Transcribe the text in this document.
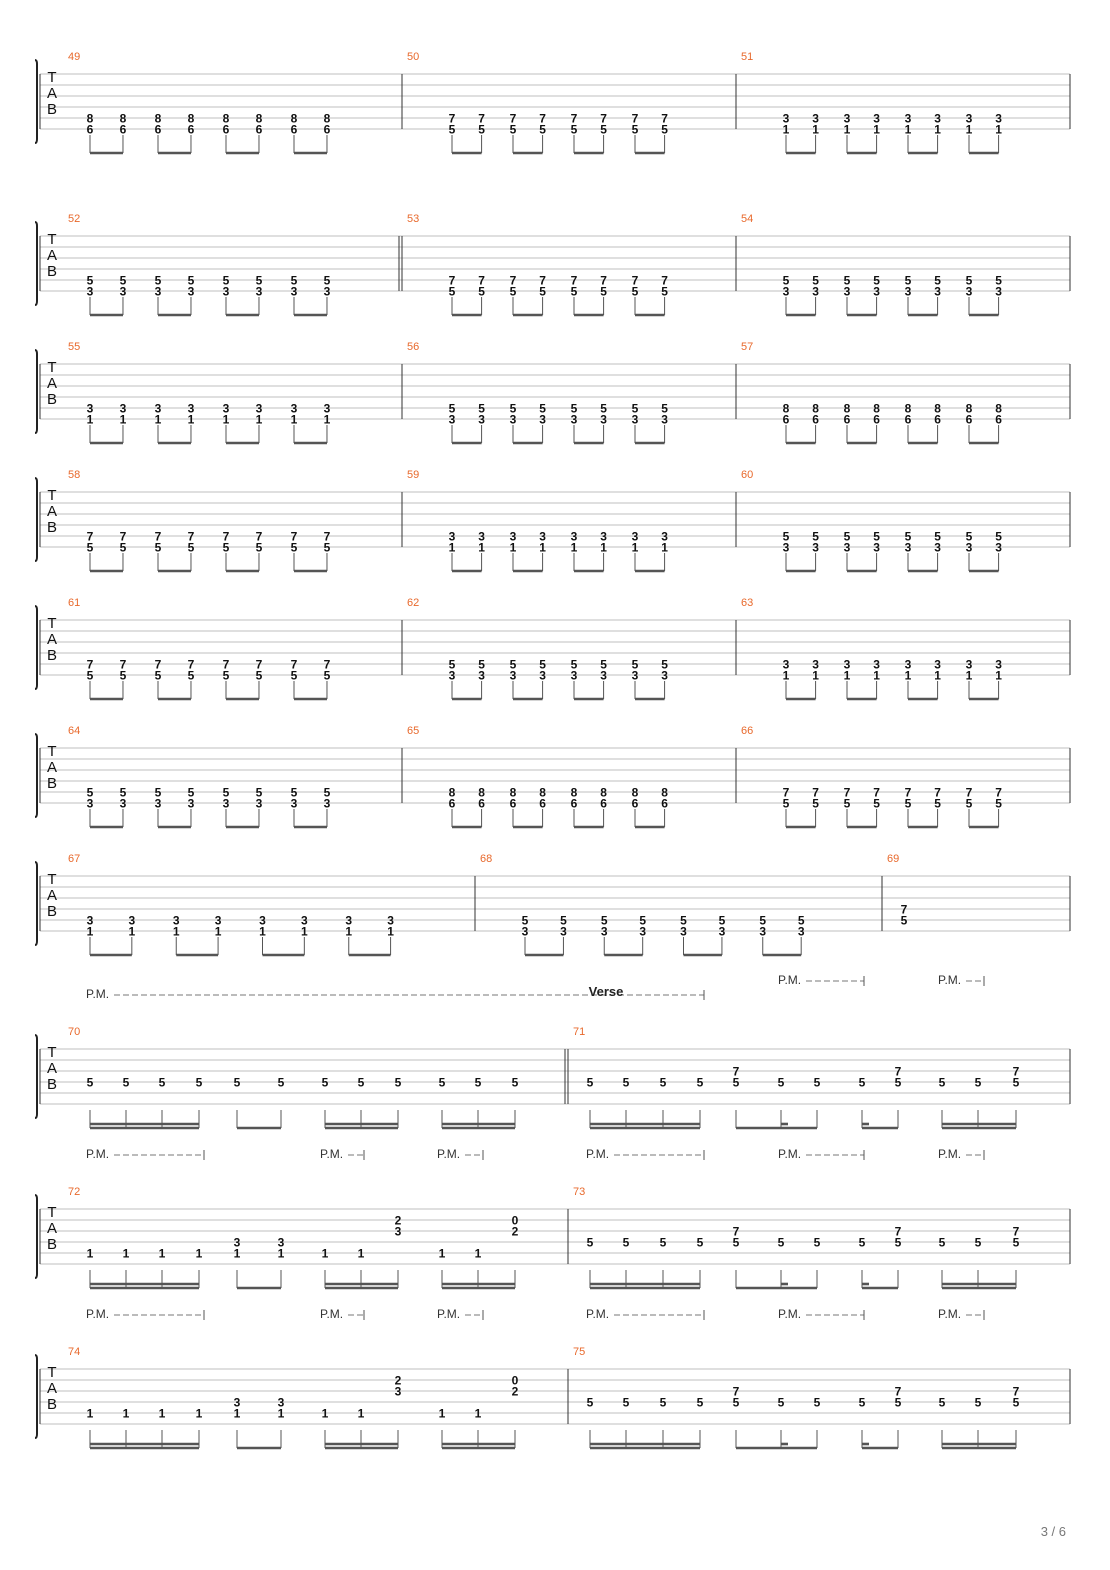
T
A
B
49
8
6
8
6
8
6
8
6
8
6
8
6
8
6
8
6
50
7
5
7
5
7
5
7
5
7
5
7
5
7
5
7
5
51
3
1
3
1
3
1
3
1
3
1
3
1
3
1
3
1
T
A
B
52
5
3
5
3
5
3
5
3
5
3
5
3
5
3
5
3
53
7
5
7
5
7
5
7
5
7
5
7
5
7
5
7
5
54
5
3
5
3
5
3
5
3
5
3
5
3
5
3
5
3
T
A
B
55
3
1
3
1
3
1
3
1
3
1
3
1
3
1
3
1
56
5
3
5
3
5
3
5
3
5
3
5
3
5
3
5
3
57
8
6
8
6
8
6
8
6
8
6
8
6
8
6
8
6
T
A
B
58
7
5
7
5
7
5
7
5
7
5
7
5
7
5
7
5
59
3
1
3
1
3
1
3
1
3
1
3
1
3
1
3
1
60
5
3
5
3
5
3
5
3
5
3
5
3
5
3
5
3
T
A
B
61
7
5
7
5
7
5
7
5
7
5
7
5
7
5
7
5
62
5
3
5
3
5
3
5
3
5
3
5
3
5
3
5
3
63
3
1
3
1
3
1
3
1
3
1
3
1
3
1
3
1
T
A
B
64
5
3
5
3
5
3
5
3
5
3
5
3
5
3
5
3
65
8
6
8
6
8
6
8
6
8
6
8
6
8
6
8
6
66
7
5
7
5
7
5
7
5
7
5
7
5
7
5
7
5
T
A
B
67
3
1
3
1
3
1
3
1
3
1
3
1
3
1
3
1
68
5
3
5
3
5
3
5
3
5
3
5
3
5
3
5
3
69
7
5
T
A
B
70
5 5 5	5	5	5	5 5	5	5 5	5
71
5 5	5	5	5 5	5	5 5
7
5
7
5
7
5
T
A
B
72
1 1 1	1
3
1
3
1	1 1	1 1
2
3
0
2
73
5 5	5	5	5 5	5	5 5
7
5
7
5
7
5
T
A
B
74
1 1 1	1
3
1
3
1	1 1	1 1
2
3
0
2
75
5 5	5	5	5 5	5	5 5
7
5
7
5
7
5
P.M.	Verse
P.M.	P.M.
P.M.	P.M.	P.M.	P.M.	P.M.	P.M.
P.M.	P.M.	P.M.	P.M.	P.M.	P.M.
3 / 6
